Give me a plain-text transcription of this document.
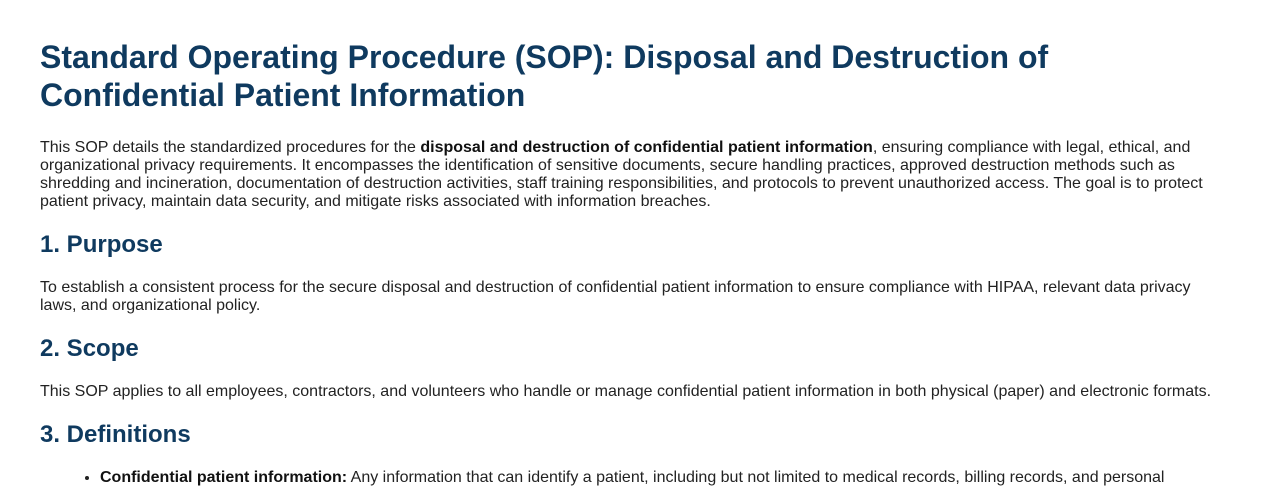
Standard Operating Procedure (SOP): Disposal and Destruction of Confidential Patient Information

This SOP details the standardized procedures for the disposal and destruction of confidential patient information, ensuring compliance with legal, ethical, and organizational privacy requirements. It encompasses the identification of sensitive documents, secure handling practices, approved destruction methods such as shredding and incineration, documentation of destruction activities, staff training responsibilities, and protocols to prevent unauthorized access. The goal is to protect patient privacy, maintain data security, and mitigate risks associated with information breaches.

1. Purpose

To establish a consistent process for the secure disposal and destruction of confidential patient information to ensure compliance with HIPAA, relevant data privacy laws, and organizational policy.

2. Scope

This SOP applies to all employees, contractors, and volunteers who handle or manage confidential patient information in both physical (paper) and electronic formats.

3. Definitions
• Confidential patient information: Any information that can identify a patient, including but not limited to medical records, billing records, and personal
